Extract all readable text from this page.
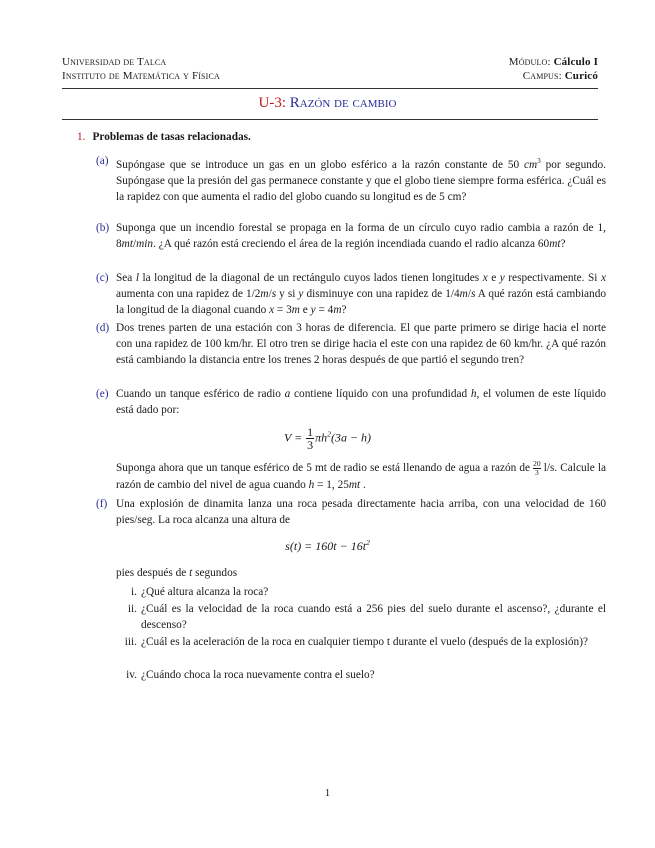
Universidad de Talca	Módulo: Cálculo I
Instituto de Matemática y Física	Campus: Curicó
U-3: Razón de cambio
1. Problemas de tasas relacionadas.
(a) Supóngase que se introduce un gas en un globo esférico a la razón constante de 50 $cm^3$ por segundo. Supóngase que la presión del gas permanece constante y que el globo tiene siempre forma esférica. ¿Cuál es la rapidez con que aumenta el radio del globo cuando su longitud es de 5 cm?
(b) Suponga que un incendio forestal se propaga en la forma de un círculo cuyo radio cambia a razón de 1, 8mt/min. ¿A qué razón está creciendo el área de la región incendiada cuando el radio alcanza 60mt?
(c) Sea l la longitud de la diagonal de un rectángulo cuyos lados tienen longitudes x e y respectivamente. Si x aumenta con una rapidez de 1/2m/s y si y disminuye con una rapidez de 1/4m/s A qué razón está cambiando la longitud de la diagonal cuando x = 3m e y = 4m?
(d) Dos trenes parten de una estación con 3 horas de diferencia. El que parte primero se dirige hacia el norte con una rapidez de 100 km/hr. El otro tren se dirige hacia el este con una rapidez de 60 km/hr. ¿A qué razón está cambiando la distancia entre los trenes 2 horas después de que partió el segundo tren?
(e) Cuando un tanque esférico de radio a contiene líquido con una profundidad h, el volumen de este líquido está dado por:
$V = \frac{1}{3} \pi h^2(3a - h)$
Suponga ahora que un tanque esférico de 5 mt de radio se está llenando de agua a razón de $\frac{20}{3} l/s$. Calcule la razón de cambio del nivel de agua cuando h = 1, 25mt .
(f) Una explosión de dinamita lanza una roca pesada directamente hacia arriba, con una velocidad de 160 pies/seg. La roca alcanza una altura de
$s(t) = 160t - 16t^2$
pies después de t segundos
i. ¿Qué altura alcanza la roca?
ii. ¿Cuál es la velocidad de la roca cuando está a 256 pies del suelo durante el ascenso?, ¿durante el descenso?
iii. ¿Cuál es la aceleración de la roca en cualquier tiempo t durante el vuelo (después de la explosión)?
iv. ¿Cuándo choca la roca nuevamente contra el suelo?
1
